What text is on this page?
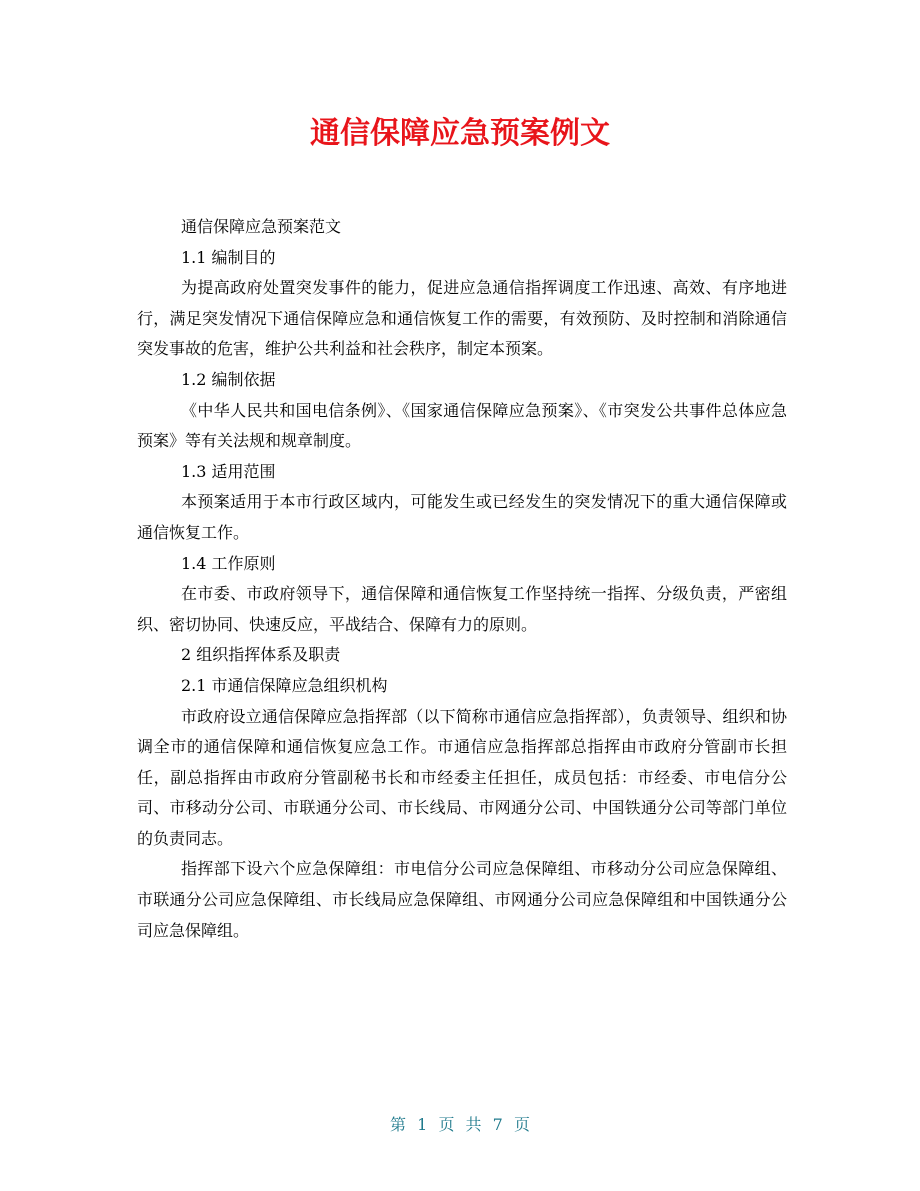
通信保障应急预案例文

通信保障应急预案范文

1.1 编制目的

为提高政府处置突发事件的能力，促进应急通信指挥调度工作迅速、高效、有序地进行，满足突发情况下通信保障应急和通信恢复工作的需要，有效预防、及时控制和消除通信突发事故的危害，维护公共利益和社会秩序，制定本预案。

1.2 编制依据

《中华人民共和国电信条例》、《国家通信保障应急预案》、《市突发公共事件总体应急预案》等有关法规和规章制度。

1.3 适用范围

本预案适用于本市行政区域内，可能发生或已经发生的突发情况下的重大通信保障或通信恢复工作。

1.4 工作原则

在市委、市政府领导下，通信保障和通信恢复工作坚持统一指挥、分级负责，严密组织、密切协同、快速反应，平战结合、保障有力的原则。

2 组织指挥体系及职责

2.1 市通信保障应急组织机构

市政府设立通信保障应急指挥部（以下简称市通信应急指挥部），负责领导、组织和协调全市的通信保障和通信恢复应急工作。市通信应急指挥部总指挥由市政府分管副市长担任，副总指挥由市政府分管副秘书长和市经委主任担任，成员包括：市经委、市电信分公司、市移动分公司、市联通分公司、市长线局、市网通分公司、中国铁通分公司等部门单位的负责同志。

指挥部下设六个应急保障组：市电信分公司应急保障组、市移动分公司应急保障组、市联通分公司应急保障组、市长线局应急保障组、市网通分公司应急保障组和中国铁通分公司应急保障组。

第 1 页 共 7 页
